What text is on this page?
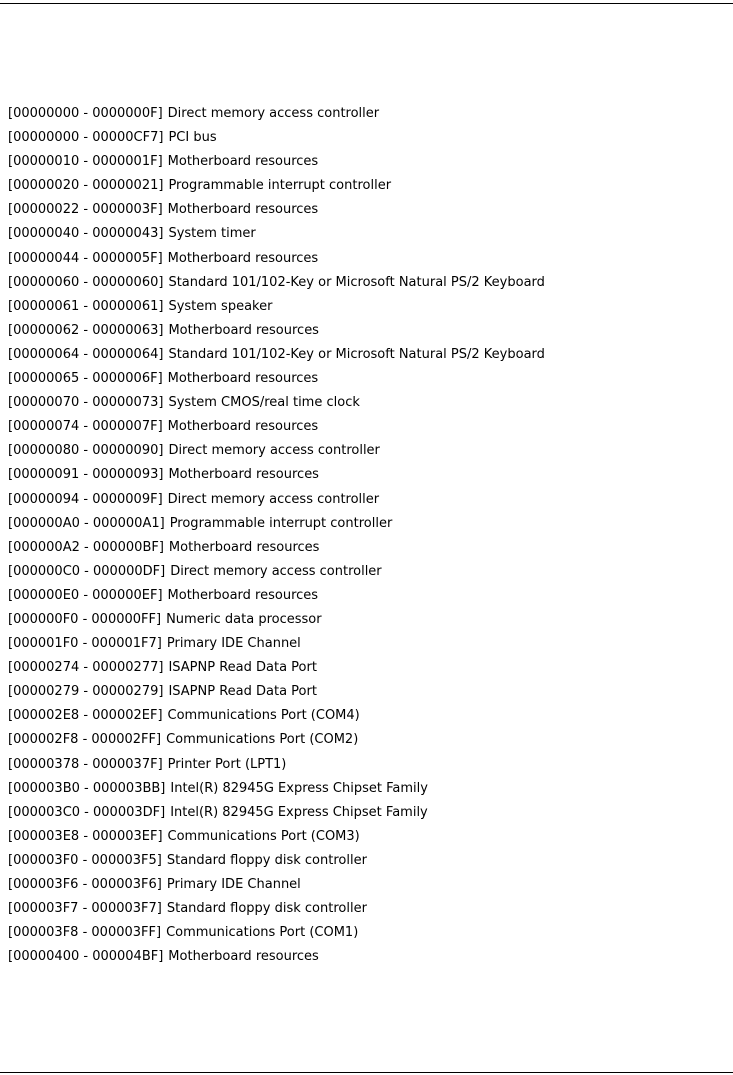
[00000000 - 0000000F] Direct memory access controller
[00000000 - 00000CF7] PCI bus
[00000010 - 0000001F] Motherboard resources
[00000020 - 00000021] Programmable interrupt controller
[00000022 - 0000003F] Motherboard resources
[00000040 - 00000043] System timer
[00000044 - 0000005F] Motherboard resources
[00000060 - 00000060] Standard 101/102-Key or Microsoft Natural PS/2 Keyboard
[00000061 - 00000061] System speaker
[00000062 - 00000063] Motherboard resources
[00000064 - 00000064] Standard 101/102-Key or Microsoft Natural PS/2 Keyboard
[00000065 - 0000006F] Motherboard resources
[00000070 - 00000073] System CMOS/real time clock
[00000074 - 0000007F] Motherboard resources
[00000080 - 00000090] Direct memory access controller
[00000091 - 00000093] Motherboard resources
[00000094 - 0000009F] Direct memory access controller
[000000A0 - 000000A1] Programmable interrupt controller
[000000A2 - 000000BF] Motherboard resources
[000000C0 - 000000DF] Direct memory access controller
[000000E0 - 000000EF] Motherboard resources
[000000F0 - 000000FF] Numeric data processor
[000001F0 - 000001F7] Primary IDE Channel
[00000274 - 00000277] ISAPNP Read Data Port
[00000279 - 00000279] ISAPNP Read Data Port
[000002E8 - 000002EF] Communications Port (COM4)
[000002F8 - 000002FF] Communications Port (COM2)
[00000378 - 0000037F] Printer Port (LPT1)
[000003B0 - 000003BB] Intel(R) 82945G Express Chipset Family
[000003C0 - 000003DF] Intel(R) 82945G Express Chipset Family
[000003E8 - 000003EF] Communications Port (COM3)
[000003F0 - 000003F5] Standard floppy disk controller
[000003F6 - 000003F6] Primary IDE Channel
[000003F7 - 000003F7] Standard floppy disk controller
[000003F8 - 000003FF] Communications Port (COM1)
[00000400 - 000004BF] Motherboard resources
